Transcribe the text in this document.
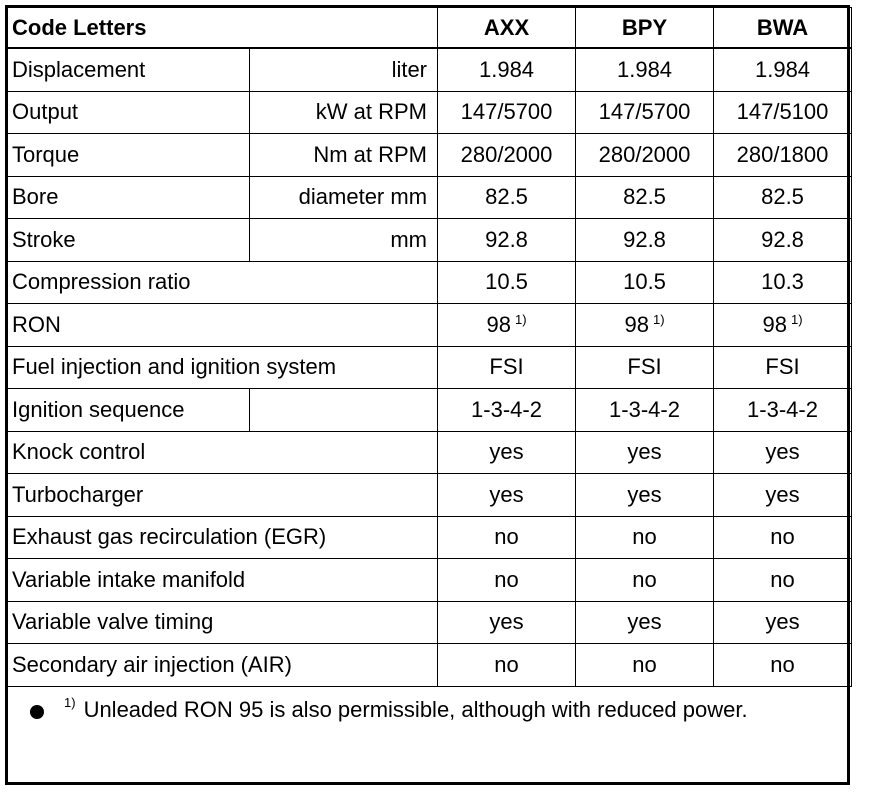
Code Letters		AXX	BPY	BWA
Displacement	liter	1.984	1.984	1.984
Output	kW at RPM	147/5700	147/5700	147/5100
Torque	Nm at RPM	280/2000	280/2000	280/1800
Bore	diameter mm	82.5	82.5	82.5
Stroke	mm	92.8	92.8	92.8
Compression ratio		10.5	10.5	10.3
RON		98 $^{1)}$	98 $^{1)}$	98 $^{1)}$
Fuel injection and ignition system		FSI	FSI	FSI
Ignition sequence		1-3-4-2	1-3-4-2	1-3-4-2
Knock control		yes	yes	yes
Turbocharger		yes	yes	yes
Exhaust gas recirculation (EGR)		no	no	no
Variable intake manifold		no	no	no
Variable valve timing		yes	yes	yes
Secondary air injection (AIR)		no	no	no
1) Unleaded RON 95 is also permissible, although with reduced power.
